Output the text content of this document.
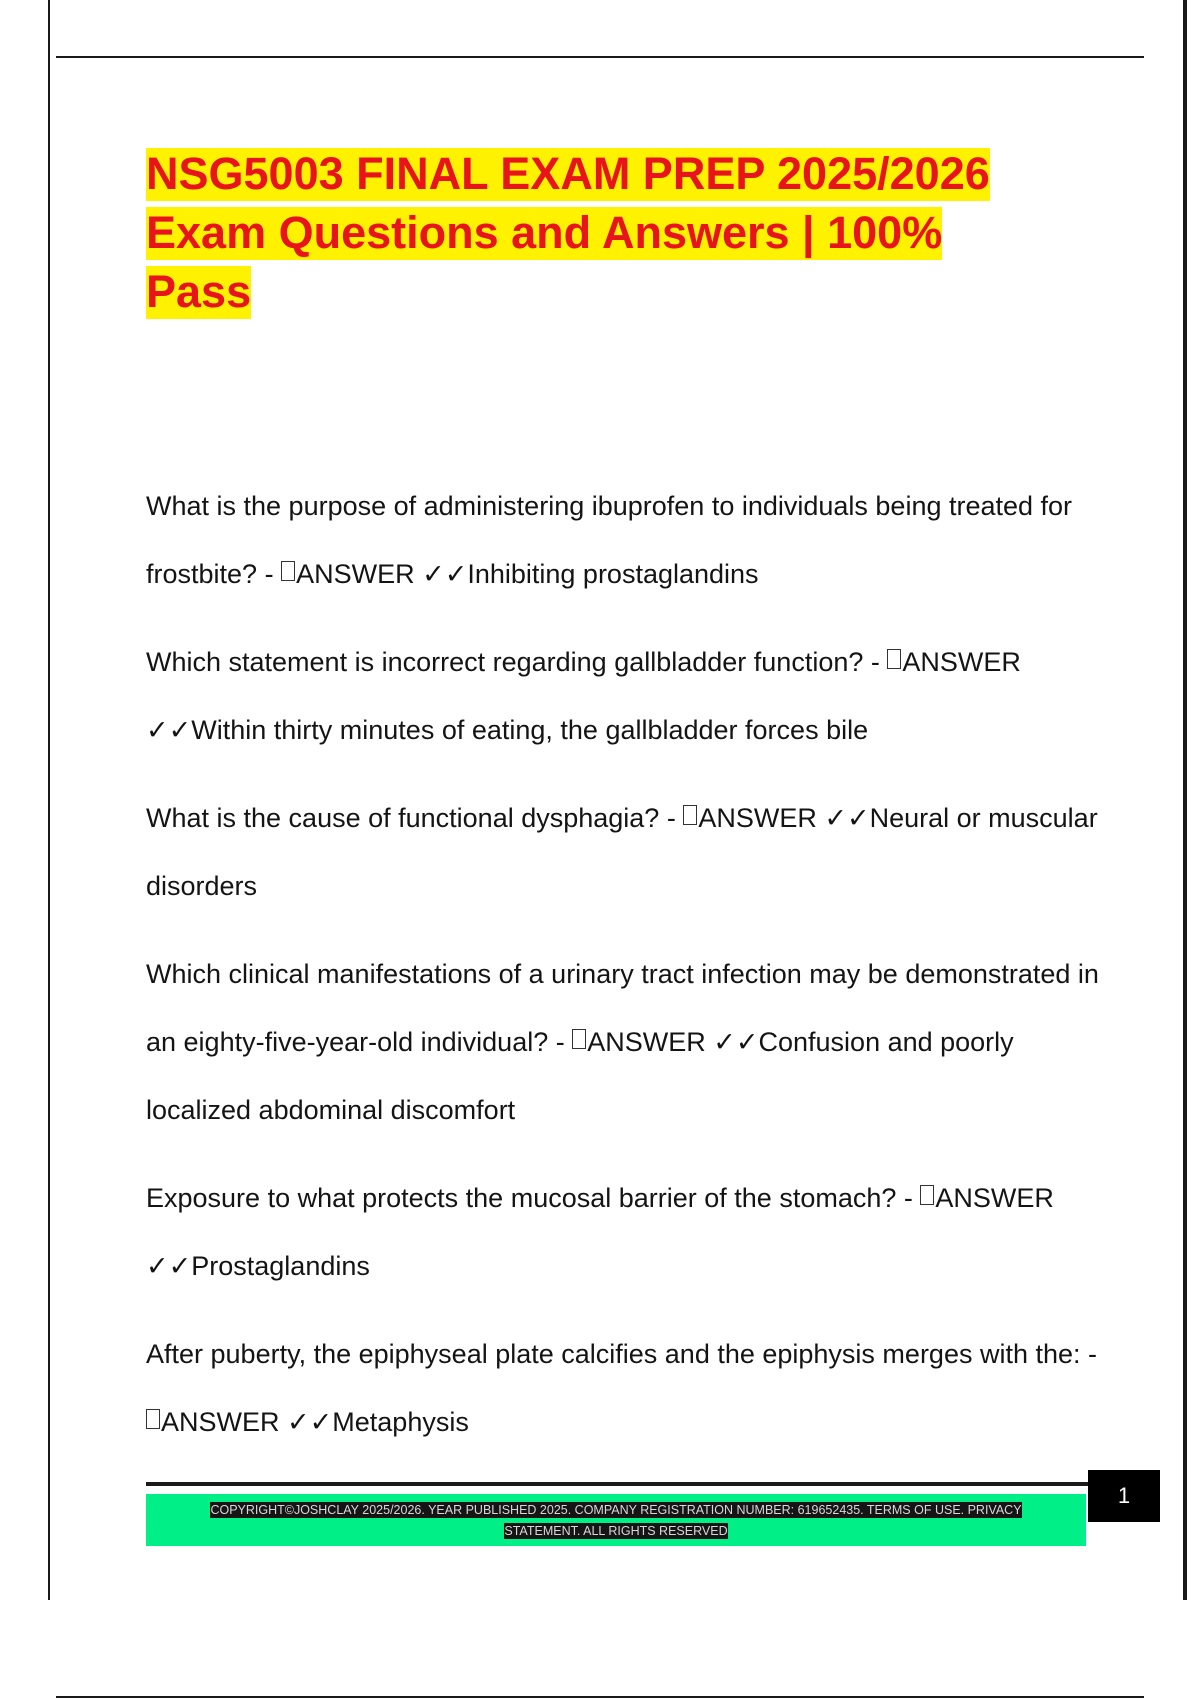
NSG5003 FINAL EXAM PREP 2025/2026
Exam Questions and Answers | 100%
Pass

What is the purpose of administering ibuprofen to individuals being treated for frostbite? - ANSWER ✓✓Inhibiting prostaglandins

Which statement is incorrect regarding gallbladder function? - ANSWER ✓✓Within thirty minutes of eating, the gallbladder forces bile

What is the cause of functional dysphagia? - ANSWER ✓✓Neural or muscular disorders

Which clinical manifestations of a urinary tract infection may be demonstrated in an eighty-five-year-old individual? - ANSWER ✓✓Confusion and poorly localized abdominal discomfort

Exposure to what protects the mucosal barrier of the stomach? - ANSWER ✓✓Prostaglandins

After puberty, the epiphyseal plate calcifies and the epiphysis merges with the: - ANSWER ✓✓Metaphysis

COPYRIGHT©JOSHCLAY 2025/2026. YEAR PUBLISHED 2025. COMPANY REGISTRATION NUMBER: 619652435. TERMS OF USE. PRIVACY
STATEMENT. ALL RIGHTS RESERVED
1
